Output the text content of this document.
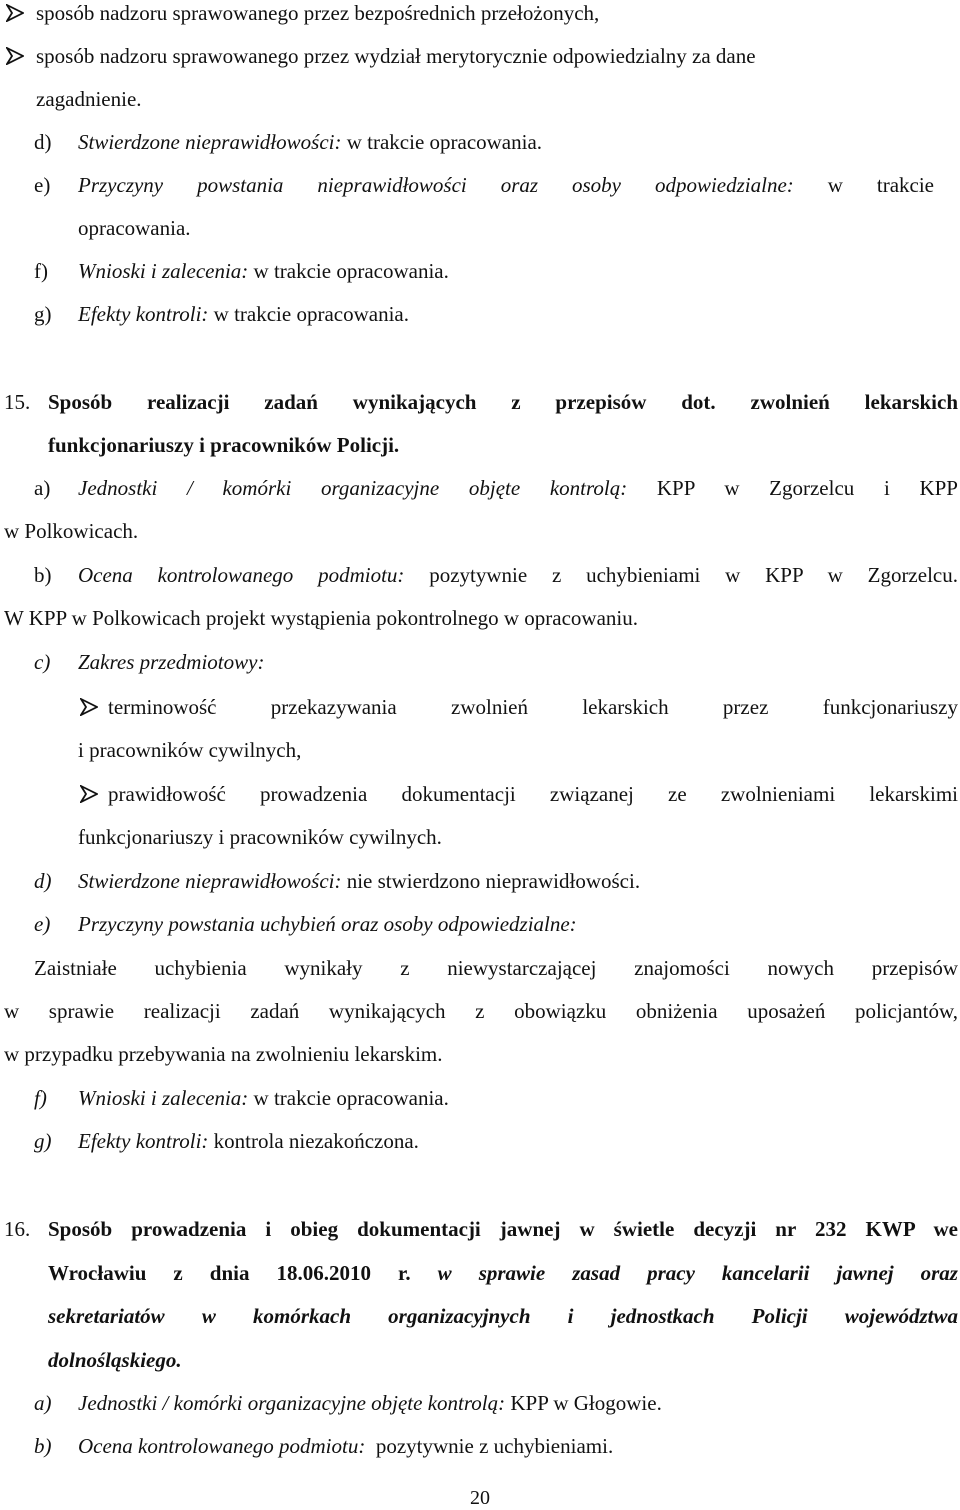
sposób nadzoru sprawowanego przez bezpośrednich przełożonych,
sposób nadzoru sprawowanego przez wydział merytorycznie odpowiedzialny za dane
zagadnienie.
d) Stwierdzone nieprawidłowości: w trakcie opracowania.
e) Przyczyny powstania nieprawidłowości oraz osoby odpowiedzialne: w trakcie
opracowania.
f) Wnioski i zalecenia: w trakcie opracowania.
g) Efekty kontroli: w trakcie opracowania.
15. Sposób realizacji zadań wynikających z przepisów dot. zwolnień lekarskich
funkcjonariuszy i pracowników Policji.
a) Jednostki / komórki organizacyjne objęte kontrolą: KPP w Zgorzelcu i KPP
w Polkowicach.
b) Ocena kontrolowanego podmiotu: pozytywnie z uchybieniami w KPP w Zgorzelcu.
W KPP w Polkowicach projekt wystąpienia pokontrolnego w opracowaniu.
c) Zakres przedmiotowy:
terminowość przekazywania zwolnień lekarskich przez funkcjonariuszy
i pracowników cywilnych,
prawidłowość prowadzenia dokumentacji związanej ze zwolnieniami lekarskimi
funkcjonariuszy i pracowników cywilnych.
d) Stwierdzone nieprawidłowości: nie stwierdzono nieprawidłowości.
e) Przyczyny powstania uchybień oraz osoby odpowiedzialne:
Zaistniałe uchybienia wynikały z niewystarczającej znajomości nowych przepisów
w sprawie realizacji zadań wynikających z obowiązku obniżenia uposażeń policjantów,
w przypadku przebywania na zwolnieniu lekarskim.
f) Wnioski i zalecenia: w trakcie opracowania.
g) Efekty kontroli: kontrola niezakończona.
16. Sposób prowadzenia i obieg dokumentacji jawnej w świetle decyzji nr 232 KWP we
Wrocławiu z dnia 18.06.2010 r. w sprawie zasad pracy kancelarii jawnej oraz
sekretariatów w komórkach organizacyjnych i jednostkach Policji województwa
dolnośląskiego.
a) Jednostki / komórki organizacyjne objęte kontrolą: KPP w Głogowie.
b) Ocena kontrolowanego podmiotu:  pozytywnie z uchybieniami.
20
